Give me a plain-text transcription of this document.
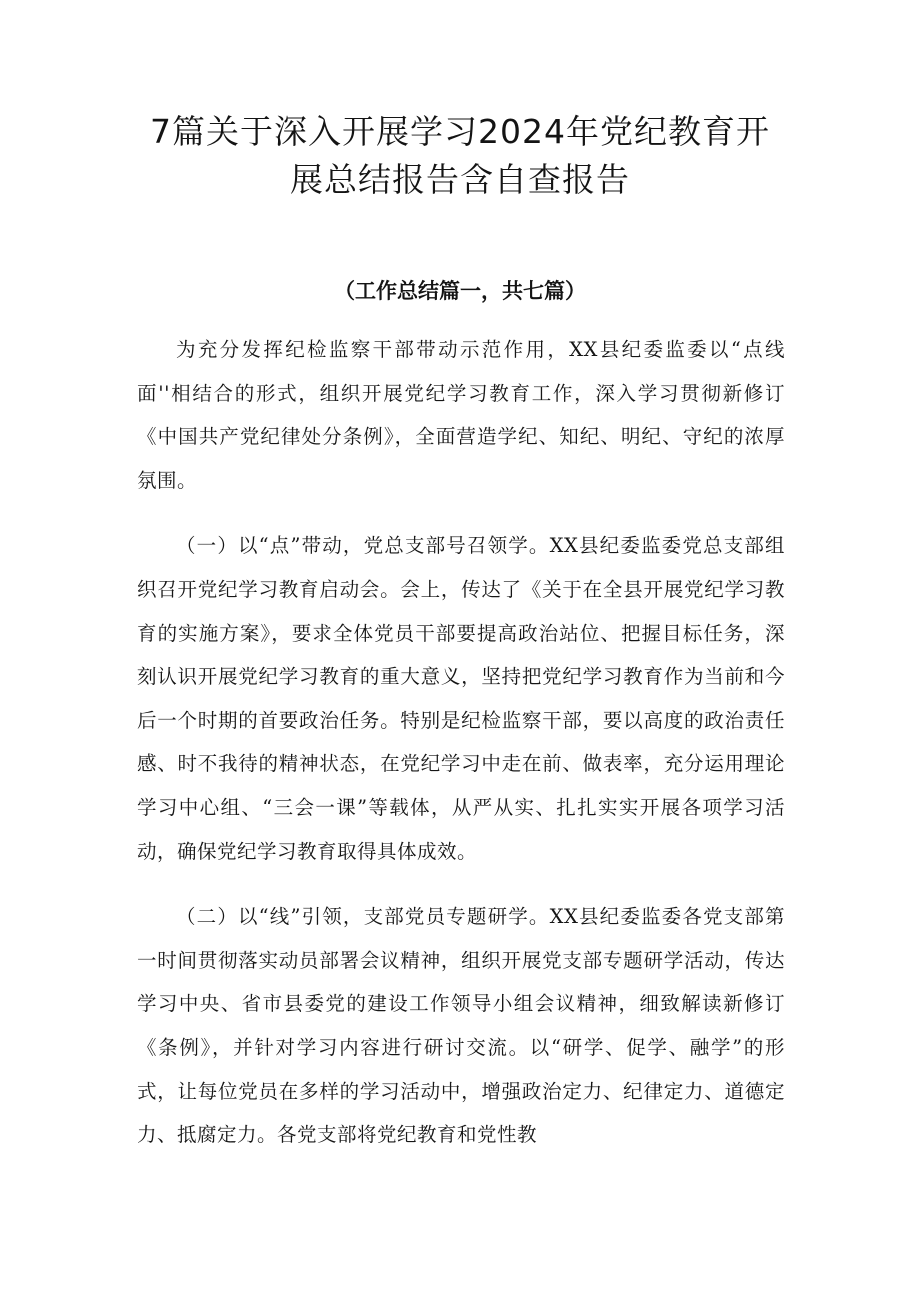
7篇关于深入开展学习2024年党纪教育开展总结报告含自查报告
（工作总结篇一，共七篇）

为充分发挥纪检监察干部带动示范作用，XX县纪委监委以“点线面''相结合的形式，组织开展党纪学习教育工作，深入学习贯彻新修订《中国共产党纪律处分条例》，全面营造学纪、知纪、明纪、守纪的浓厚氛围。

（一）以“点”带动，党总支部号召领学。XX县纪委监委党总支部组织召开党纪学习教育启动会。会上，传达了《关于在全县开展党纪学习教育的实施方案》，要求全体党员干部要提高政治站位、把握目标任务，深刻认识开展党纪学习教育的重大意义，坚持把党纪学习教育作为当前和今后一个时期的首要政治任务。特别是纪检监察干部，要以高度的政治责任感、时不我待的精神状态，在党纪学习中走在前、做表率，充分运用理论学习中心组、“三会一课”等载体，从严从实、扎扎实实开展各项学习活动，确保党纪学习教育取得具体成效。

（二）以“线”引领，支部党员专题研学。XX县纪委监委各党支部第一时间贯彻落实动员部署会议精神，组织开展党支部专题研学活动，传达学习中央、省市县委党的建设工作领导小组会议精神，细致解读新修订《条例》，并针对学习内容进行研讨交流。以“研学、促学、融学”的形式，让每位党员在多样的学习活动中，增强政治定力、纪律定力、道德定力、抵腐定力。各党支部将党纪教育和党性教
